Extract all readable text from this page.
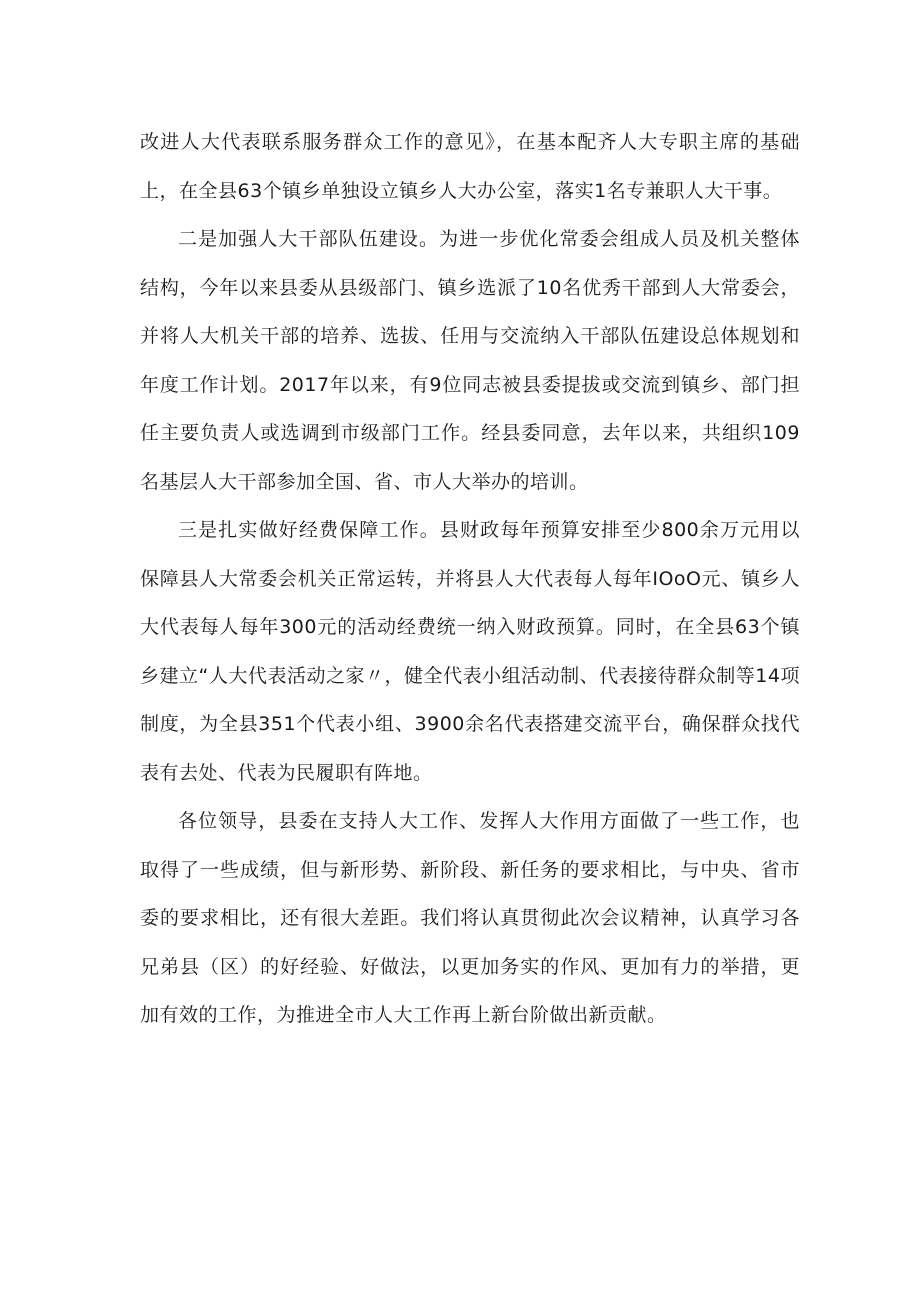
改进人大代表联系服务群众工作的意见》，在基本配齐人大专职主席的基础上，在全县63个镇乡单独设立镇乡人大办公室，落实1名专兼职人大干事。

二是加强人大干部队伍建设。为进一步优化常委会组成人员及机关整体结构，今年以来县委从县级部门、镇乡选派了10名优秀干部到人大常委会，并将人大机关干部的培养、选拔、任用与交流纳入干部队伍建设总体规划和年度工作计划。2017年以来，有9位同志被县委提拔或交流到镇乡、部门担任主要负责人或选调到市级部门工作。经县委同意，去年以来，共组织109名基层人大干部参加全国、省、市人大举办的培训。

三是扎实做好经费保障工作。县财政每年预算安排至少800余万元用以保障县人大常委会机关正常运转，并将县人大代表每人每年IOoO元、镇乡人大代表每人每年300元的活动经费统一纳入财政预算。同时，在全县63个镇乡建立“人大代表活动之家〃，健全代表小组活动制、代表接待群众制等14项制度，为全县351个代表小组、3900余名代表搭建交流平台，确保群众找代表有去处、代表为民履职有阵地。

各位领导，县委在支持人大工作、发挥人大作用方面做了一些工作，也取得了一些成绩，但与新形势、新阶段、新任务的要求相比，与中央、省市委的要求相比，还有很大差距。我们将认真贯彻此次会议精神，认真学习各兄弟县（区）的好经验、好做法，以更加务实的作风、更加有力的举措，更加有效的工作，为推进全市人大工作再上新台阶做出新贡献。
